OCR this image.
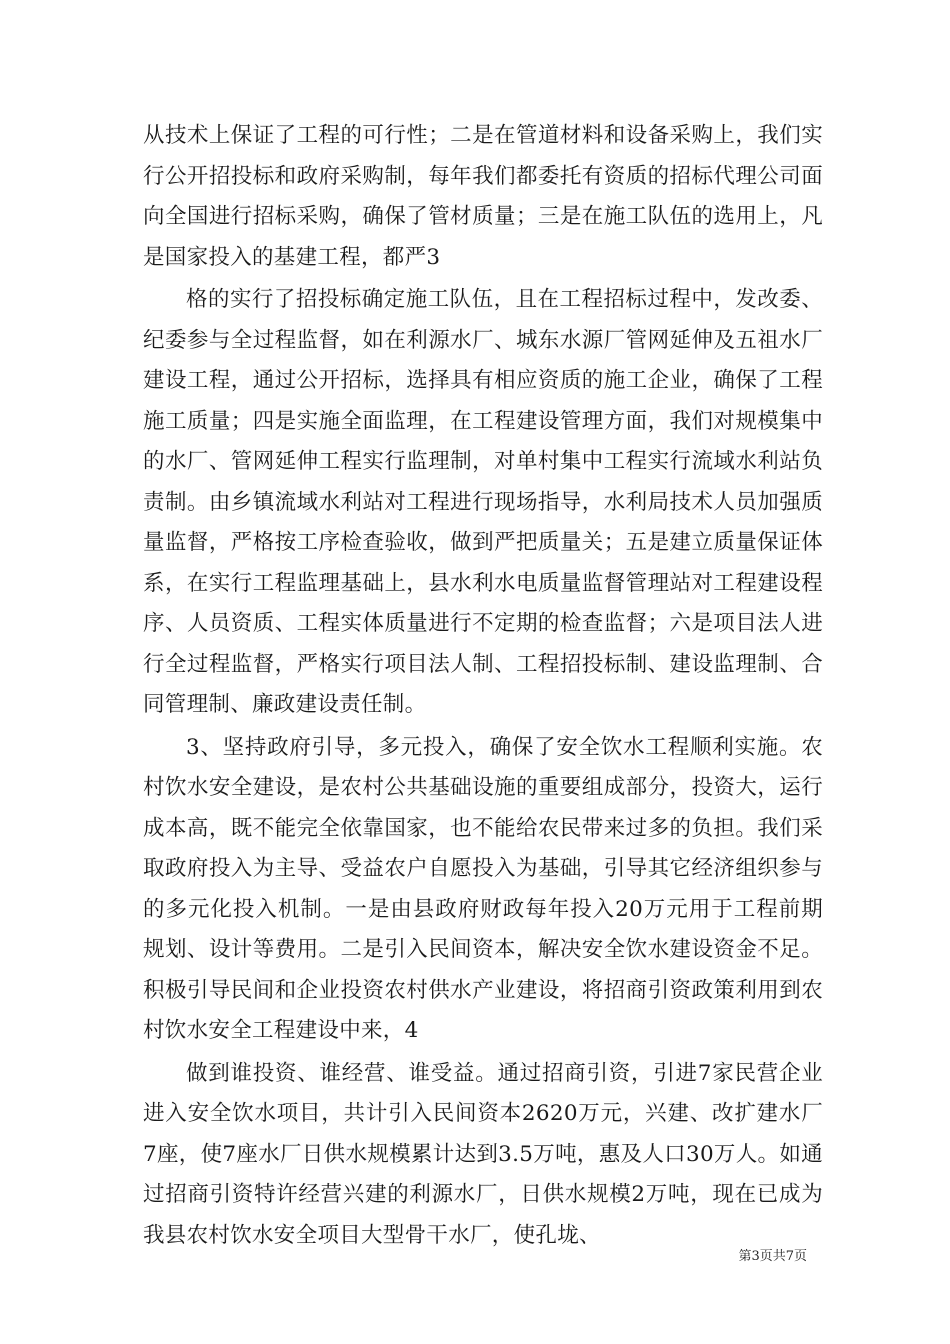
从技术上保证了工程的可行性；二是在管道材料和设备采购上，我们实行公开招投标和政府采购制，每年我们都委托有资质的招标代理公司面向全国进行招标采购，确保了管材质量；三是在施工队伍的选用上，凡是国家投入的基建工程，都严3

格的实行了招投标确定施工队伍，且在工程招标过程中，发改委、纪委参与全过程监督，如在利源水厂、城东水源厂管网延伸及五祖水厂建设工程，通过公开招标，选择具有相应资质的施工企业，确保了工程施工质量；四是实施全面监理，在工程建设管理方面，我们对规模集中的水厂、管网延伸工程实行监理制，对单村集中工程实行流域水利站负责制。由乡镇流域水利站对工程进行现场指导，水利局技术人员加强质量监督，严格按工序检查验收，做到严把质量关；五是建立质量保证体系，在实行工程监理基础上，县水利水电质量监督管理站对工程建设程序、人员资质、工程实体质量进行不定期的检查监督；六是项目法人进行全过程监督，严格实行项目法人制、工程招投标制、建设监理制、合同管理制、廉政建设责任制。

3、坚持政府引导，多元投入，确保了安全饮水工程顺利实施。农村饮水安全建设，是农村公共基础设施的重要组成部分，投资大，运行成本高，既不能完全依靠国家，也不能给农民带来过多的负担。我们采取政府投入为主导、受益农户自愿投入为基础，引导其它经济组织参与的多元化投入机制。一是由县政府财政每年投入20万元用于工程前期规划、设计等费用。二是引入民间资本，解决安全饮水建设资金不足。积极引导民间和企业投资农村供水产业建设，将招商引资政策利用到农村饮水安全工程建设中来，4

做到谁投资、谁经营、谁受益。通过招商引资，引进7家民营企业进入安全饮水项目，共计引入民间资本2620万元，兴建、改扩建水厂7座，使7座水厂日供水规模累计达到3.5万吨，惠及人口30万人。如通过招商引资特许经营兴建的利源水厂，日供水规模2万吨，现在已成为我县农村饮水安全项目大型骨干水厂，使孔垅、

第3页共7页
